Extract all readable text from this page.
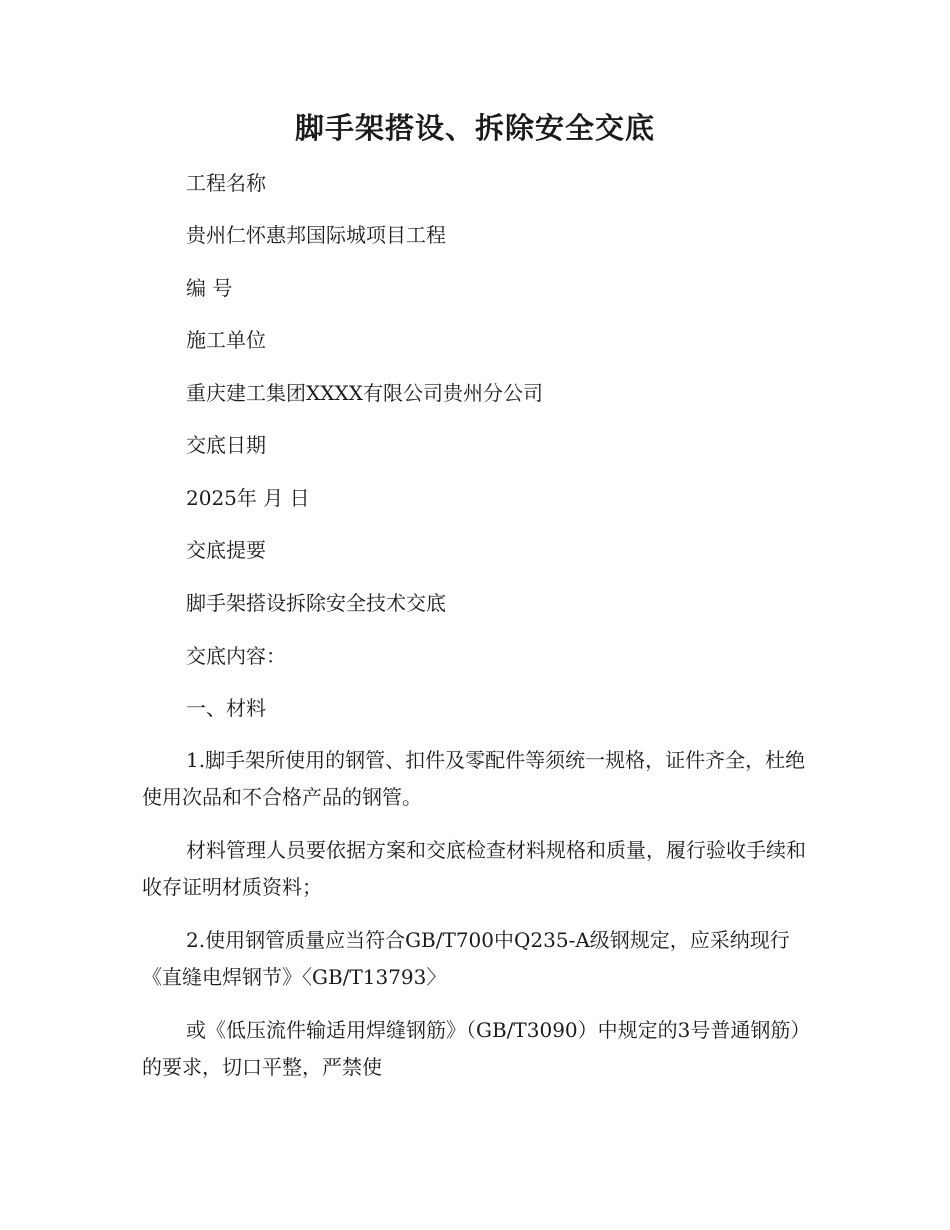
脚手架搭设、拆除安全交底

工程名称

贵州仁怀惠邦国际城项目工程

编 号

施工单位

重庆建工集团XXXX有限公司贵州分公司

交底日期

2025年 月 日

交底提要

脚手架搭设拆除安全技术交底

交底内容：

一、材料

1.脚手架所使用的钢管、扣件及零配件等须统一规格，证件齐全，杜绝使用次品和不合格产品的钢管。

材料管理人员要依据方案和交底检查材料规格和质量，履行验收手续和收存证明材质资料；

2.使用钢管质量应当符合GB/T700中Q235-A级钢规定，应采纳现行《直缝电焊钢节》〈GB/T13793〉

或《低压流件输适用焊缝钢筋》（GB/T3090）中规定的3号普通钢筋）的要求，切口平整，严禁使
